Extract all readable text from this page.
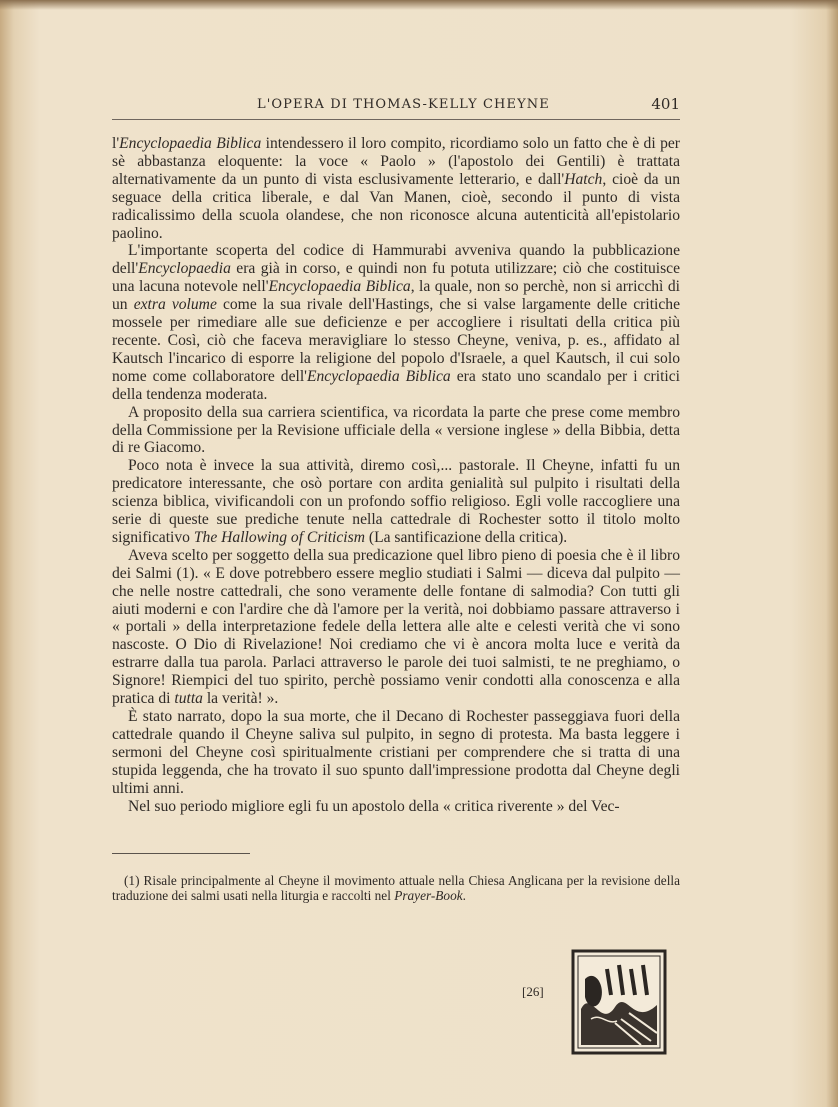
L'OPERA DI THOMAS-KELLY CHEYNE	401

l'Encyclopaedia Biblica intendessero il loro compito, ricordiamo solo un fatto che è di per sè abbastanza eloquente: la voce « Paolo » (l'apostolo dei Gentili) è trattata alternativamente da un punto di vista esclusivamente letterario, e dall'Hatch, cioè da un seguace della critica liberale, e dal Van Manen, cioè, secondo il punto di vista radicalissimo della scuola olandese, che non riconosce alcuna autenticità all'epistolario paolino.

L'importante scoperta del codice di Hammurabi avveniva quando la pubblicazione dell'Encyclopaedia era già in corso, e quindi non fu potuta utilizzare; ciò che costituisce una lacuna notevole nell'Encyclopaedia Biblica, la quale, non so perchè, non si arricchì di un extra volume come la sua rivale dell'Hastings, che si valse largamente delle critiche mossele per rimediare alle sue deficienze e per accogliere i risultati della critica più recente. Così, ciò che faceva meravigliare lo stesso Cheyne, veniva, p. es., affidato al Kautsch l'incarico di esporre la religione del popolo d'Israele, a quel Kautsch, il cui solo nome come collaboratore dell'Encyclopaedia Biblica era stato uno scandalo per i critici della tendenza moderata.

A proposito della sua carriera scientifica, va ricordata la parte che prese come membro della Commissione per la Revisione ufficiale della « versione inglese » della Bibbia, detta di re Giacomo.

Poco nota è invece la sua attività, diremo così,... pastorale. Il Cheyne, infatti fu un predicatore interessante, che osò portare con ardita genialità sul pulpito i risultati della scienza biblica, vivificandoli con un profondo soffio religioso. Egli volle raccogliere una serie di queste sue prediche tenute nella cattedrale di Rochester sotto il titolo molto significativo The Hallowing of Criticism (La santificazione della critica).

Aveva scelto per soggetto della sua predicazione quel libro pieno di poesia che è il libro dei Salmi (1). « E dove potrebbero essere meglio studiati i Salmi — diceva dal pulpito — che nelle nostre cattedrali, che sono veramente delle fontane di salmodia? Con tutti gli aiuti moderni e con l'ardire che dà l'amore per la verità, noi dobbiamo passare attraverso i « portali » della interpretazione fedele della lettera alle alte e celesti verità che vi sono nascoste. O Dio di Rivelazione! Noi crediamo che vi è ancora molta luce e verità da estrarre dalla tua parola. Parlaci attraverso le parole dei tuoi salmisti, te ne preghiamo, o Signore! Riempici del tuo spirito, perchè possiamo venir condotti alla conoscenza e alla pratica di tutta la verità! ».

È stato narrato, dopo la sua morte, che il Decano di Rochester passeggiava fuori della cattedrale quando il Cheyne saliva sul pulpito, in segno di protesta. Ma basta leggere i sermoni del Cheyne così spiritualmente cristiani per comprendere che si tratta di una stupida leggenda, che ha trovato il suo spunto dall'impressione prodotta dal Cheyne degli ultimi anni.

Nel suo periodo migliore egli fu un apostolo della « critica riverente » del Vec-

(1) Risale principalmente al Cheyne il movimento attuale nella Chiesa Anglicana per la revisione della traduzione dei salmi usati nella liturgia e raccolti nel Prayer-Book.

[26]
